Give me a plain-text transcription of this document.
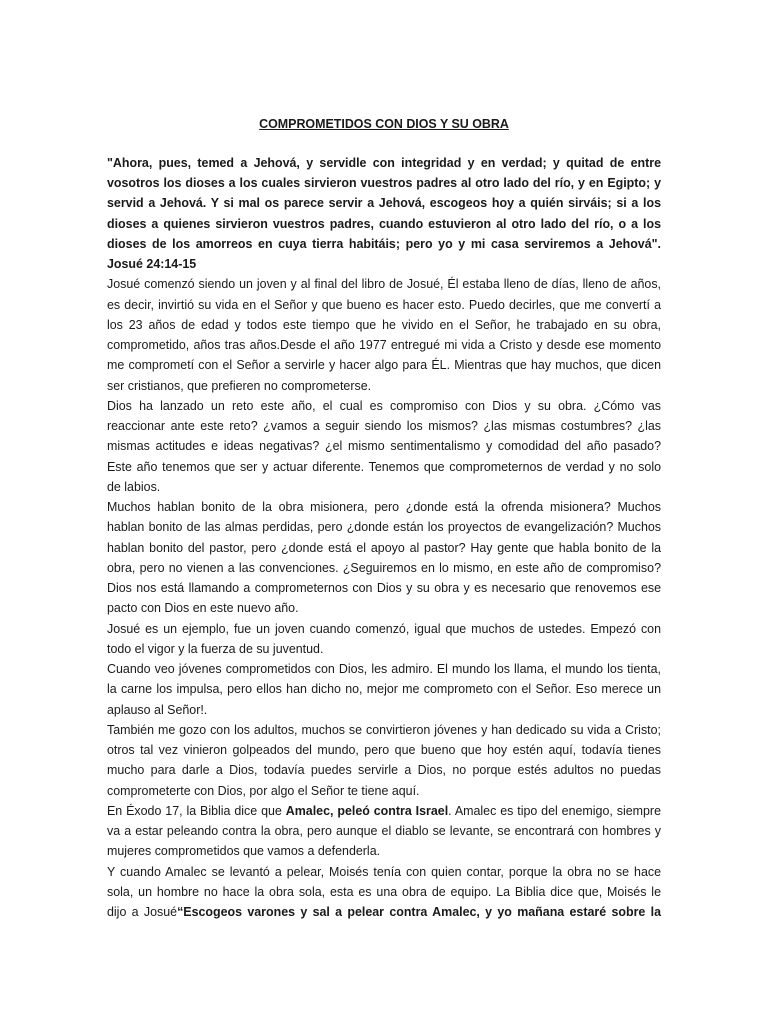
COMPROMETIDOS CON DIOS Y SU OBRA
"Ahora, pues, temed a Jehová, y servidle con integridad y en verdad; y quitad de entre
vosotros los dioses a los cuales sirvieron vuestros padres al otro lado del río, y en Egipto; y
servid a Jehová. Y si mal os parece servir a Jehová, escogeos hoy a quién sirváis; si a los
dioses a quienes sirvieron vuestros padres, cuando estuvieron al otro lado del río, o a los
dioses de los amorreos en cuya tierra habitáis; pero yo y mi casa serviremos a Jehová".
Josué 24:14-15
Josué comenzó siendo un joven y al final del libro de Josué, Él estaba lleno de días, lleno de años,
es decir, invirtió su vida en el Señor y que bueno es hacer esto. Puedo decirles, que me convertí a
los 23 años de edad y todos este tiempo que he vivido en el Señor, he trabajado en su obra,
comprometido, años tras años.Desde el año 1977 entregué mi vida a Cristo y desde ese momento
me comprometí con el Señor a servirle y hacer algo para ÉL. Mientras que hay muchos, que dicen
ser cristianos, que prefieren no comprometerse.
Dios ha lanzado un reto este año, el cual es compromiso con Dios y su obra. ¿Cómo vas
reaccionar ante este reto? ¿vamos a seguir siendo los mismos? ¿las mismas costumbres? ¿las
mismas actitudes e ideas negativas? ¿el mismo sentimentalismo y comodidad del año pasado?
Este año tenemos que ser y actuar diferente. Tenemos que comprometernos de verdad y no solo
de labios.
Muchos hablan bonito de la obra misionera, pero ¿donde está la ofrenda misionera? Muchos
hablan bonito de las almas perdidas, pero ¿donde están los proyectos de evangelización? Muchos
hablan bonito del pastor, pero ¿donde está el apoyo al pastor? Hay gente que habla bonito de la
obra, pero no vienen a las convenciones. ¿Seguiremos en lo mismo, en este año de compromiso?
Dios nos está llamando a comprometernos con Dios y su obra y es necesario que renovemos ese
pacto con Dios en este nuevo año.
Josué es un ejemplo, fue un joven cuando comenzó, igual que muchos de ustedes. Empezó con
todo el vigor y la fuerza de su juventud.
Cuando veo jóvenes comprometidos con Dios, les admiro. El mundo los llama, el mundo los tienta,
la carne los impulsa, pero ellos han dicho no, mejor me comprometo con el Señor. Eso merece un
aplauso al Señor!.
También me gozo con los adultos, muchos se convirtieron jóvenes y han dedicado su vida a Cristo;
otros tal vez vinieron golpeados del mundo, pero que bueno que hoy estén aquí, todavía tienes
mucho para darle a Dios, todavía puedes servirle a Dios, no porque estés adultos no puedas
comprometerte con Dios, por algo el Señor te tiene aquí.
En Éxodo 17, la Biblia dice que Amalec, peleó contra Israel. Amalec es tipo del enemigo, siempre
va a estar peleando contra la obra, pero aunque el diablo se levante, se encontrará con hombres y
mujeres comprometidos que vamos a defenderla.
Y cuando Amalec se levantó a pelear, Moisés tenía con quien contar, porque la obra no se hace
sola, un hombre no hace la obra sola, esta es una obra de equipo. La Biblia dice que, Moisés le
dijo a Josué“Escogeos varones y sal a pelear contra Amalec, y yo mañana estaré sobre la
